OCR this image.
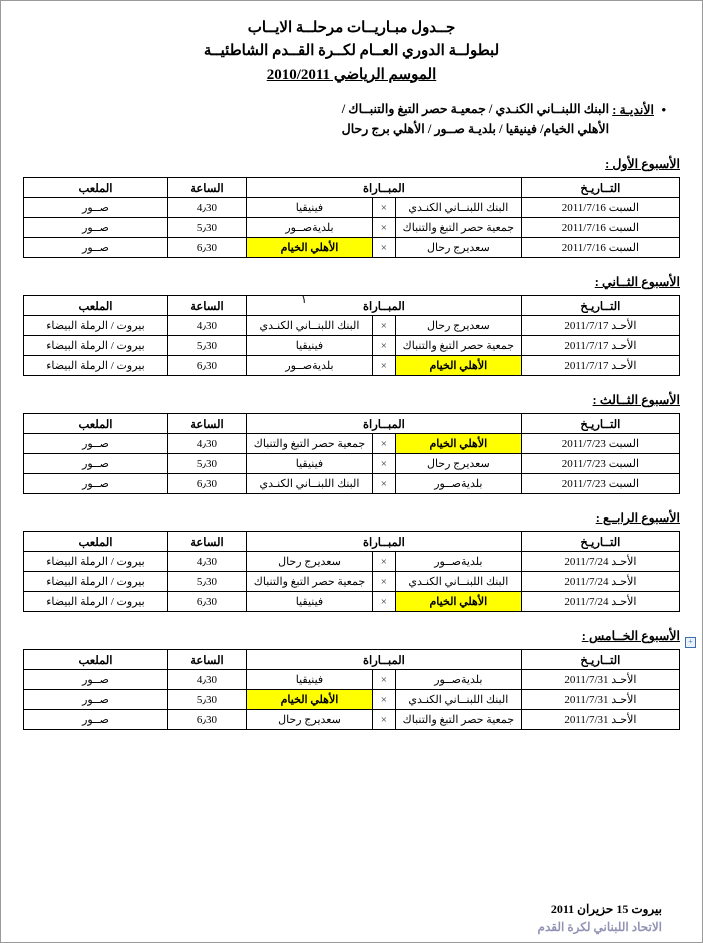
جــدول مبـاريــات مرحلــة الايــاب
لبطولــة الدوري العــام لكــرة القــدم الشاطئيــة
الموسم الرياضي 2010/2011
•الأنديـة :
البنك اللبنــاني الكنـدي / جمعيـة حصر التبغ والتنبــاك /
الأهلي الخيام/ فينيقيا / بلديـة صــور / الأهلي برج رحال
الأسبوع الأول :
التــاريـخ	المبــاراة			الساعة	الملعب
السبت 2011/7/16	البنك اللبنــاني الكنـدي	×	فينيقيا	4٫30	صــور
السبت 2011/7/16	جمعية حصر التبغ والتنباك	×	بلديةصــور	5٫30	صــور
السبت 2011/7/16	سعديرج رحال	×	الأهلي الخيام	6٫30	صــور
الأسبوع الثــاني :
التــاريـخ	المبــاراة			الساعة	الملعب
الأحـد 2011/7/17	سعديرج رحال	×	البنك اللبنــاني الكنـدي	4٫30	بيروت / الرملة البيضاء
الأحـد 2011/7/17	جمعية حصر التبغ والتنباك	×	فينيقيا	5٫30	بيروت / الرملة البيضاء
الأحـد 2011/7/17	الأهلي الخيام	×	بلديةصــور	6٫30	بيروت / الرملة البيضاء
الأسبوع الثــالث :
التــاريـخ	المبــاراة			الساعة	الملعب
السبت 2011/7/23	الأهلي الخيام	×	جمعية حصر التبغ والتنباك	4٫30	صــور
السبت 2011/7/23	سعديرج رحال	×	فينيقيا	5٫30	صــور
السبت 2011/7/23	بلديةصــور	×	البنك اللبنــاني الكنـدي	6٫30	صــور
الأسبوع الرابــع :
التــاريـخ	المبــاراة			الساعة	الملعب
الأحـد 2011/7/24	بلديةصــور	×	سعديرج رحال	4٫30	بيروت / الرملة البيضاء
الأحـد 2011/7/24	البنك اللبنــاني الكنـدي	×	جمعية حصر التبغ والتنباك	5٫30	بيروت / الرملة البيضاء
الأحـد 2011/7/24	الأهلي الخيام	×	فينيقيا	6٫30	بيروت / الرملة البيضاء
الأسبوع الخــامس :
التــاريـخ	المبــاراة			الساعة	الملعب
الأحـد 2011/7/31	بلديةصــور	×	فينيقيا	4٫30	صــور
الأحـد 2011/7/31	البنك اللبنــاني الكنـدي	×	الأهلي الخيام	5٫30	صــور
الأحـد 2011/7/31	جمعية حصر التبغ والتنباك	×	سعديرج رحال	6٫30	صــور
١
+
بيروت 15 حزيران 2011
الاتحاد اللبناني لكرة القدم
